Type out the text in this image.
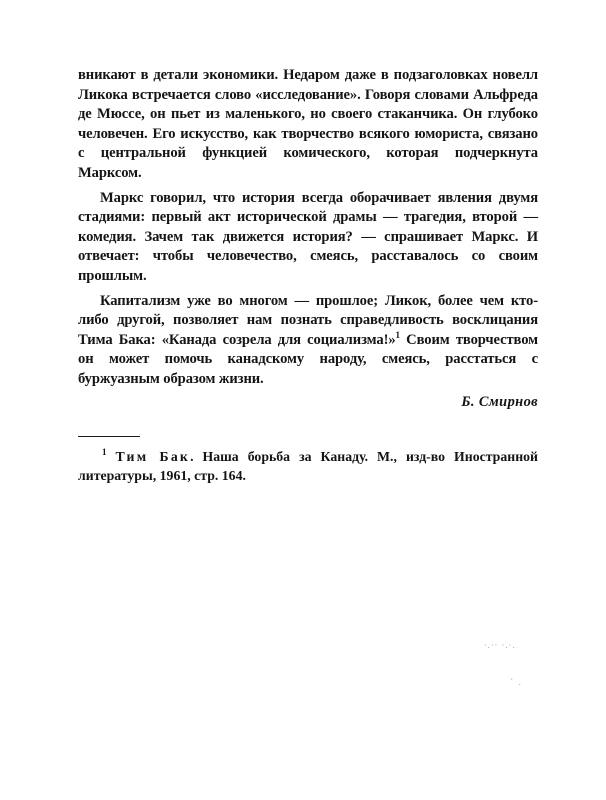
вникают в детали экономики. Недаром даже в подзаголовках новелл Ликока встречается слово «исследование». Говоря словами Альфреда де Мюссе, он пьет из маленького, но своего стаканчика. Он глубоко человечен. Его искусство, как творчество всякого юмориста, связано с центральной функцией комического, которая подчеркнута Марксом.

Маркс говорил, что история всегда оборачивает явления двумя стадиями: первый акт исторической драмы — трагедия, второй — комедия. Зачем так движется история? — спрашивает Маркс. И отвечает: чтобы человечество, смеясь, расставалось со своим прошлым.

Капитализм уже во многом — прошлое; Ликок, более чем кто-либо другой, позволяет нам познать справедливость восклицания Тима Бака: «Канада созрела для социализма!»$^1$ Своим творчеством он может помочь канадскому народу, смеясь, расстаться с буржуазным образом жизни.

Б. Смирнов

$^1$ Тим Бак. Наша борьба за Канаду. М., изд-во Иностранной литературы, 1961, стр. 164.

·.·· ·.·.
` .
